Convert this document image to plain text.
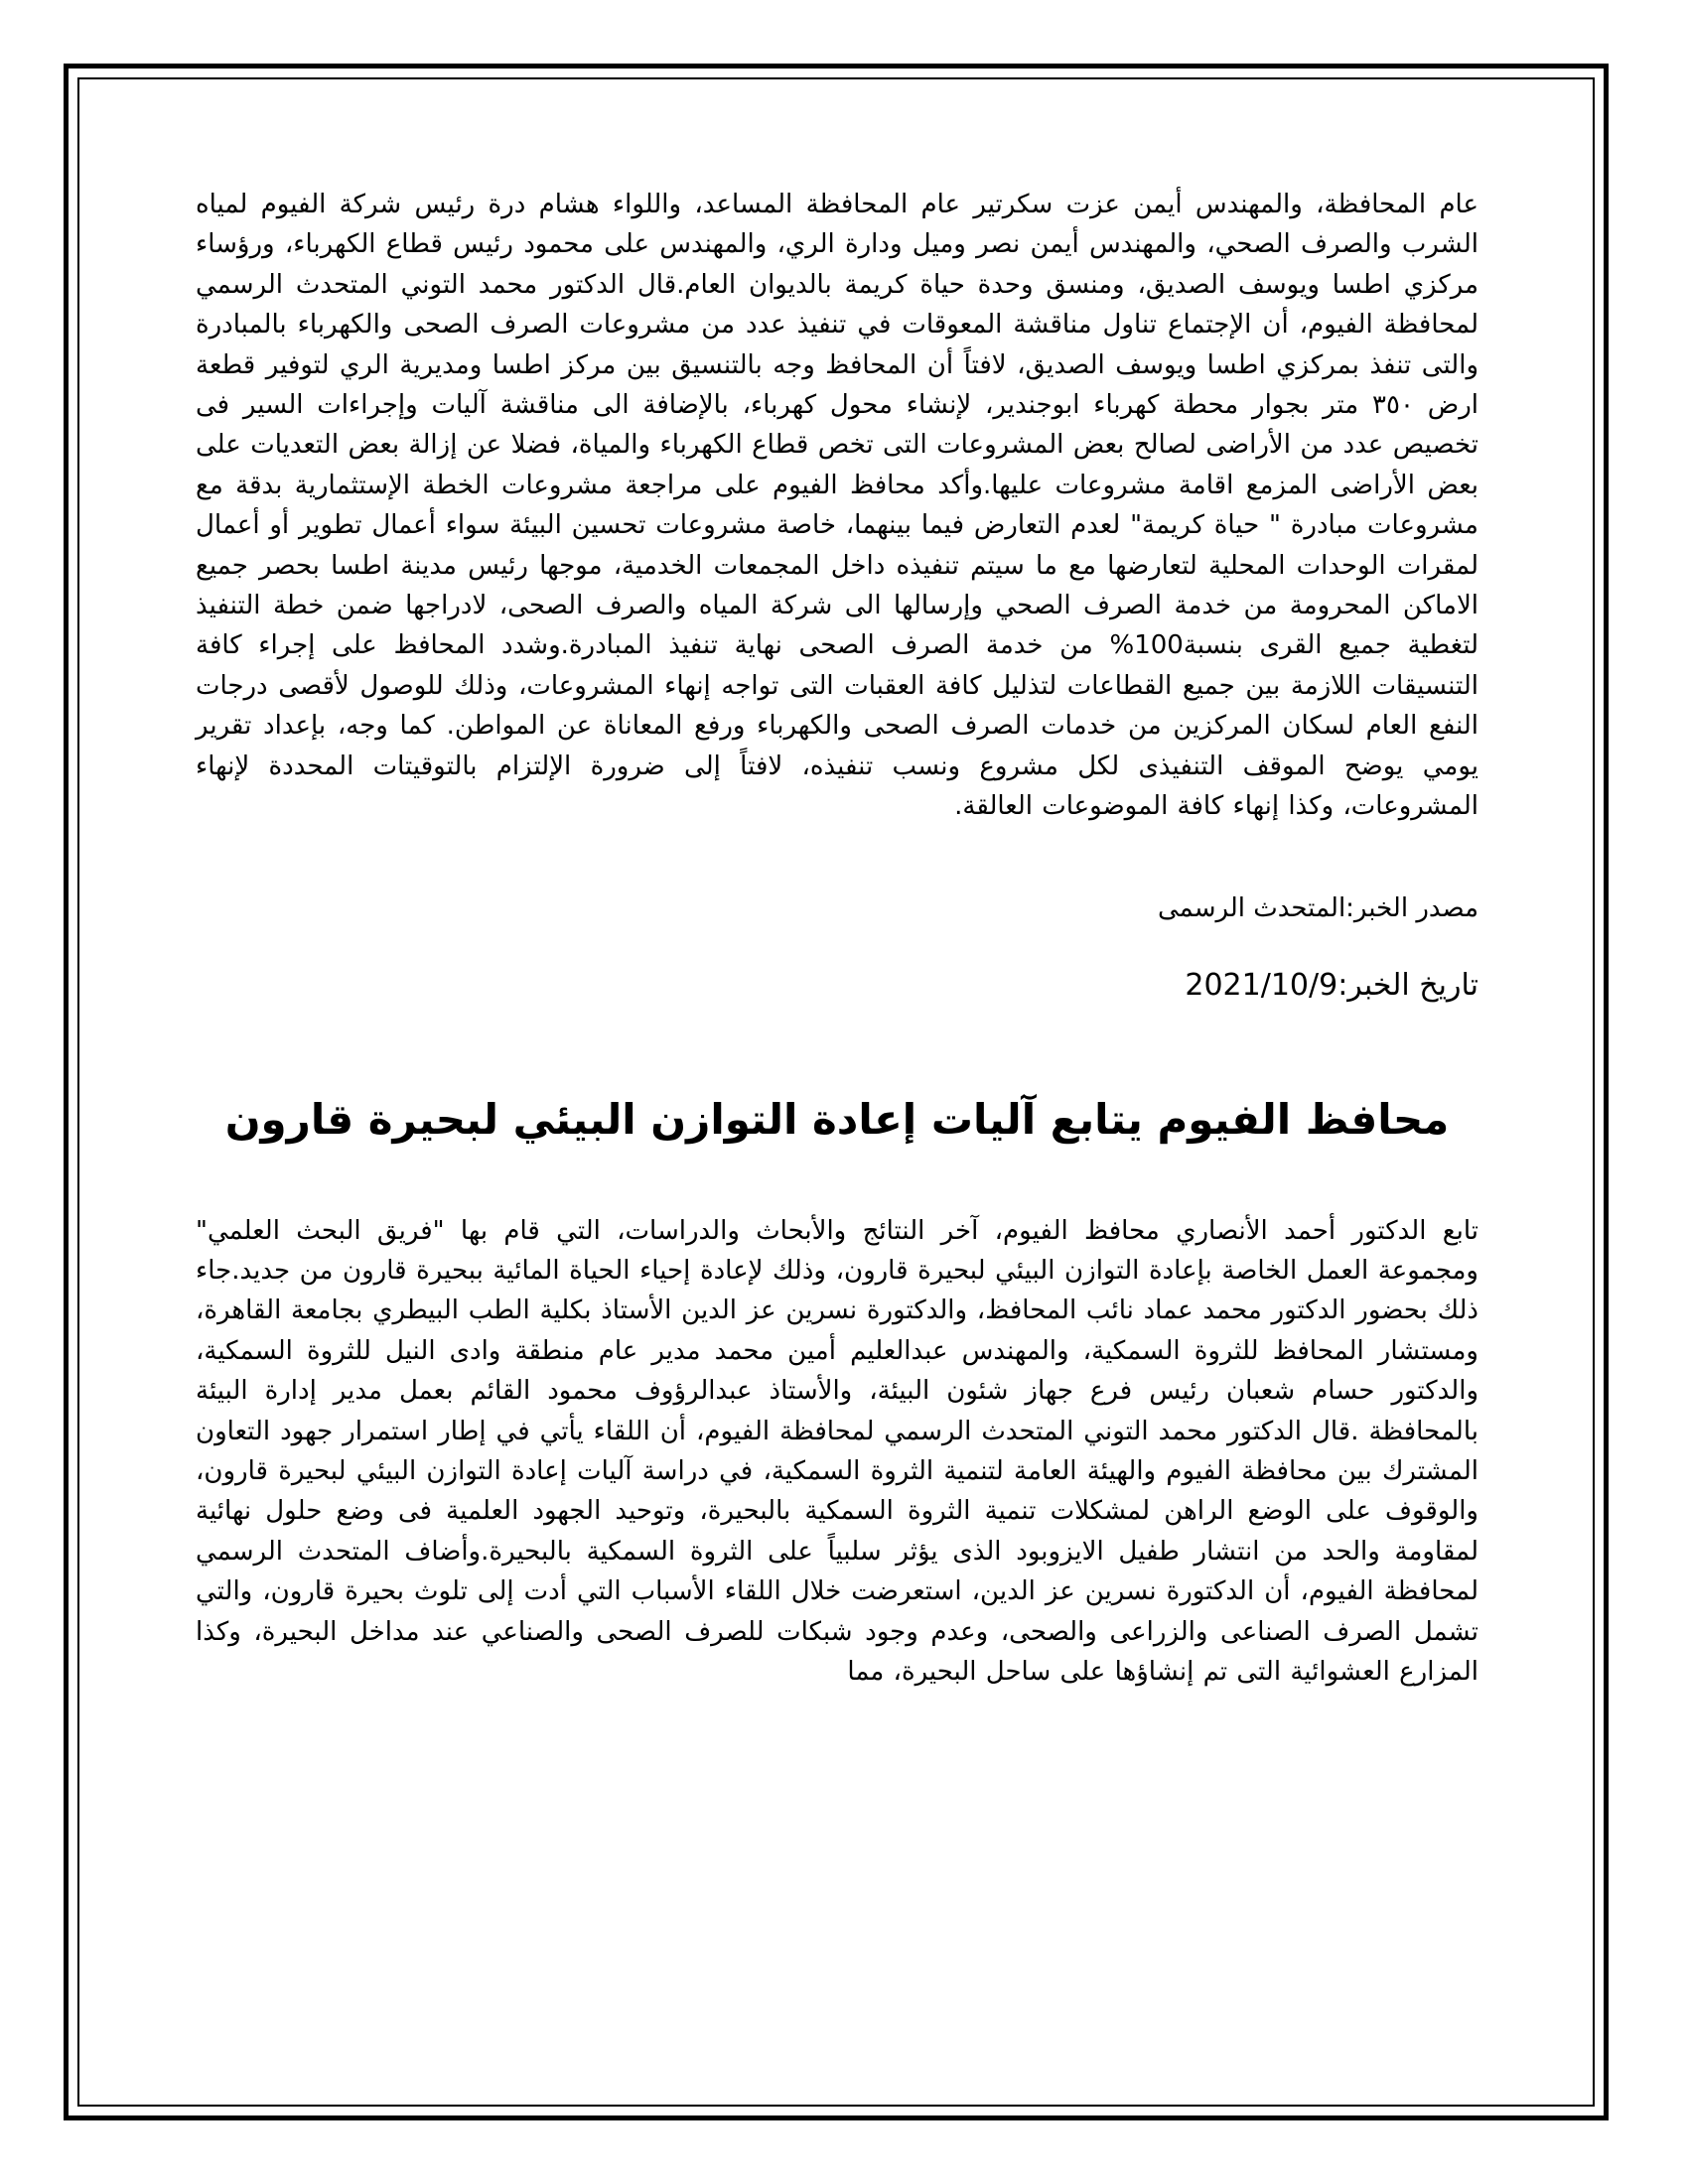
عام المحافظة، والمهندس أيمن عزت سكرتير عام المحافظة المساعد، واللواء هشام درة رئيس شركة الفيوم لمياه الشرب والصرف الصحي، والمهندس أيمن نصر وميل ودارة الري، والمهندس على محمود رئيس قطاع الكهرباء، ورؤساء مركزي اطسا ويوسف الصديق، ومنسق وحدة حياة كريمة بالديوان العام.قال الدكتور محمد التوني المتحدث الرسمي لمحافظة الفيوم، أن الإجتماع تناول مناقشة المعوقات في تنفيذ عدد من مشروعات الصرف الصحى والكهرباء بالمبادرة والتى تنفذ بمركزي اطسا ويوسف الصديق، لافتاً أن المحافظ وجه بالتنسيق بين مركز اطسا ومديرية الري لتوفير قطعة ارض ٣٥٠ متر بجوار محطة كهرباء ابوجندير، لإنشاء محول كهرباء، بالإضافة الى مناقشة آليات وإجراءات السير فى تخصيص عدد من الأراضى لصالح بعض المشروعات التى تخص قطاع الكهرباء والمياة، فضلا عن إزالة بعض التعديات على بعض الأراضى المزمع اقامة مشروعات عليها.وأكد محافظ الفيوم على مراجعة مشروعات الخطة الإستثمارية بدقة مع مشروعات مبادرة " حياة كريمة" لعدم التعارض فيما بينهما، خاصة مشروعات تحسين البيئة سواء أعمال تطوير أو أعمال لمقرات الوحدات المحلية لتعارضها مع ما سيتم تنفيذه داخل المجمعات الخدمية، موجها رئيس مدينة اطسا بحصر جميع الاماكن المحرومة من خدمة الصرف الصحي وإرسالها الى شركة المياه والصرف الصحى، لادراجها ضمن خطة التنفيذ لتغطية جميع القرى بنسبة100% من خدمة الصرف الصحى نهاية تنفيذ المبادرة.وشدد المحافظ على إجراء كافة التنسيقات اللازمة بين جميع القطاعات لتذليل كافة العقبات التى تواجه إنهاء المشروعات، وذلك للوصول لأقصى درجات النفع العام لسكان المركزين من خدمات الصرف الصحى والكهرباء ورفع المعاناة عن المواطن. كما وجه، بإعداد تقرير يومي يوضح الموقف التنفيذى لكل مشروع ونسب تنفيذه، لافتاً إلى ضرورة الإلتزام بالتوقيتات المحددة لإنهاء المشروعات، وكذا إنهاء كافة الموضوعات العالقة.

مصدر الخبر:المتحدث الرسمى

تاريخ الخبر:2021/10/9

محافظ الفيوم يتابع آليات إعادة التوازن البيئي لبحيرة قارون

تابع الدكتور أحمد الأنصاري محافظ الفيوم، آخر النتائج والأبحاث والدراسات، التي قام بها "فريق البحث العلمي" ومجموعة العمل الخاصة بإعادة التوازن البيئي لبحيرة قارون، وذلك لإعادة إحياء الحياة المائية ببحيرة قارون من جديد.جاء ذلك بحضور الدكتور محمد عماد نائب المحافظ، والدكتورة نسرين عز الدين الأستاذ بكلية الطب البيطري بجامعة القاهرة، ومستشار المحافظ للثروة السمكية، والمهندس عبدالعليم أمين محمد مدير عام منطقة وادى النيل للثروة السمكية، والدكتور حسام شعبان رئيس فرع جهاز شئون البيئة، والأستاذ عبدالرؤوف محمود القائم بعمل مدير إدارة البيئة بالمحافظة .قال الدكتور محمد التوني المتحدث الرسمي لمحافظة الفيوم، أن اللقاء يأتي في إطار استمرار جهود التعاون المشترك بين محافظة الفيوم والهيئة العامة لتنمية الثروة السمكية، في دراسة آليات إعادة التوازن البيئي لبحيرة قارون، والوقوف على الوضع الراهن لمشكلات تنمية الثروة السمكية بالبحيرة، وتوحيد الجهود العلمية فى وضع حلول نهائية لمقاومة والحد من انتشار طفيل الايزوبود الذى يؤثر سلبياً على الثروة السمكية بالبحيرة.وأضاف المتحدث الرسمي لمحافظة الفيوم، أن الدكتورة نسرين عز الدين، استعرضت خلال اللقاء الأسباب التي أدت إلى تلوث بحيرة قارون، والتي تشمل الصرف الصناعى والزراعى والصحى، وعدم وجود شبكات للصرف الصحى والصناعي عند مداخل البحيرة، وكذا المزارع العشوائية التى تم إنشاؤها على ساحل البحيرة، مما
